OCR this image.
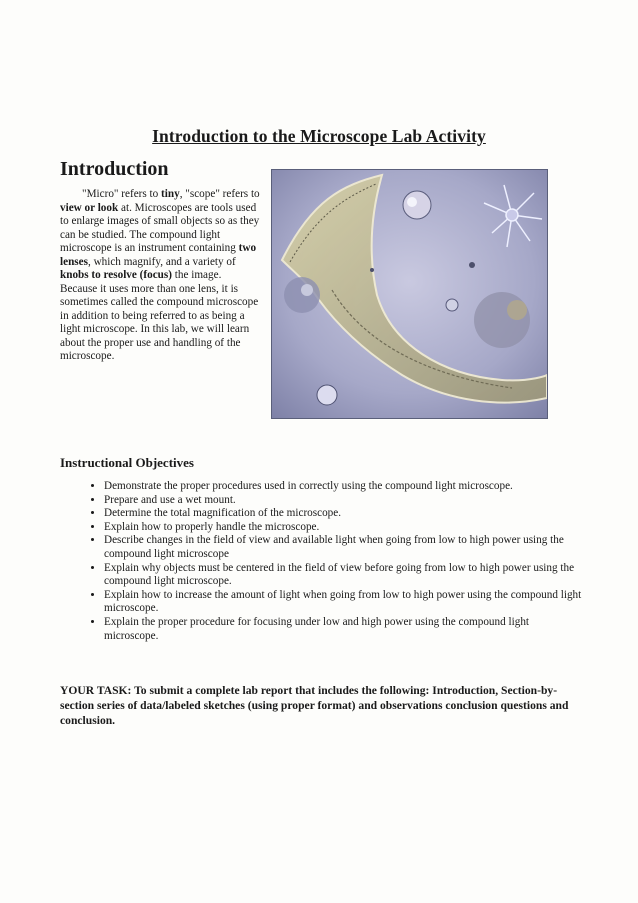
Introduction to the Microscope Lab Activity
Introduction

"Micro" refers to tiny, "scope" refers to view or look at. Microscopes are tools used to enlarge images of small objects so as they can be studied. The compound light microscope is an instrument containing two lenses, which magnify, and a variety of knobs to resolve (focus) the image. Because it uses more than one lens, it is sometimes called the compound microscope in addition to being referred to as being a light microscope. In this lab, we will learn about the proper use and handling of the microscope.

Instructional Objectives
• Demonstrate the proper procedures used in correctly using the compound light microscope.
• Prepare and use a wet mount.
• Determine the total magnification of the microscope.
• Explain how to properly handle the microscope.
• Describe changes in the field of view and available light when going from low to high power using the compound light microscope
• Explain why objects must be centered in the field of view before going from low to high power using the compound light microscope.
• Explain how to increase the amount of light when going from low to high power using the compound light microscope.
• Explain the proper procedure for focusing under low and high power using the compound light microscope.
YOUR TASK: To submit a complete lab report that includes the following: Introduction, Section-by-section series of data/labeled sketches (using proper format) and observations conclusion questions and conclusion.
